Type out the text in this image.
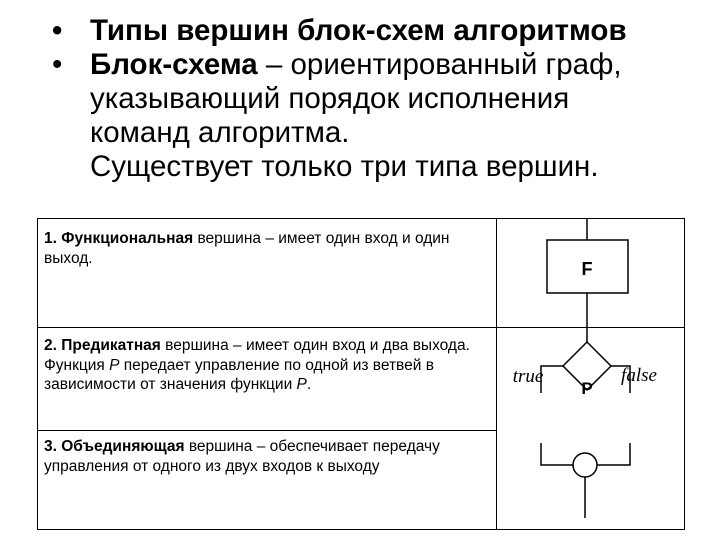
• Типы вершин блок-схем алгоритмов
• Блок-схема – ориентированный граф,
указывающий порядок исполнения
команд алгоритма.
Существует только три типа вершин.
1. Функциональная вершина – имеет один вход и один выход.
2. Предикатная вершина – имеет один вход и два выхода. Функция Р передает управление по одной из ветвей в зависимости от значения функции Р.
3. Объединяющая вершина – обеспечивает передачу управления от одного из двух входов к выходу
F
P
true	false
